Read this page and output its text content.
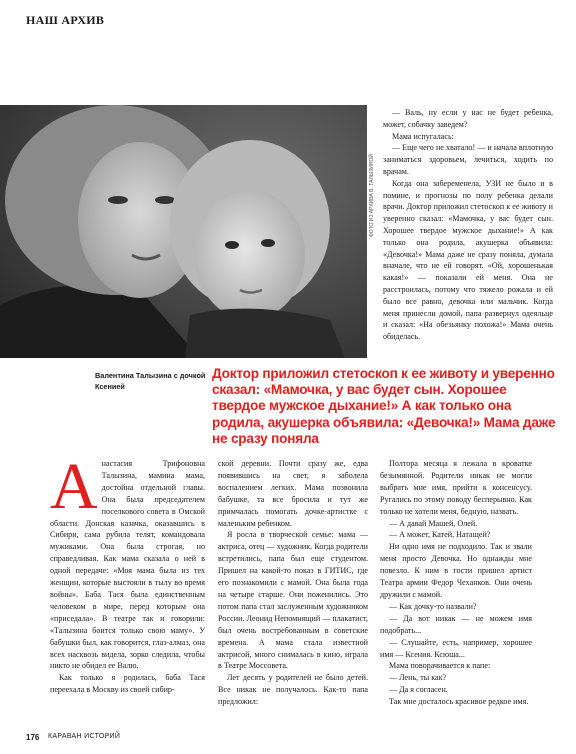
НАШ АРХИВ
ФОТО ИЗ АРХИВА В. ТАЛЫЗИНОЙ

— Валь, ну если у нас не будет ребенка, может, собачку заведем?

Мама испугалась:

— Еще чего не хватало! — и начала вплотную заниматься здоровьем, лечиться, ходить по врачам.

Когда она забеременела, УЗИ не было и в помине, и прогнозы по полу ребенка делали врачи. Доктор приложил стетоскоп к ее животу и уверенно сказал: «Мамочка, у вас будет сын. Хорошее твердое мужское дыхание!» А как только она родила, акушерка объявила: «Девочка!» Мама даже не сразу поняла, думала вначале, что не ей говорят. «Ой, хорошенькая какая!» — показали ей меня. Она не расстроилась, потому что тяжело рожала и ей было все равно, девочка или мальчик. Когда меня принесли домой, папа развернул одеяльце и сказал: «На обезьянку похожа!» Мама очень обиделась.

Валентина Талызина с дочкой Ксенией
Доктор приложил стетоскоп к ее животу и уверенно сказал: «Мамочка, у вас будет сын. Хорошее твердое мужское дыхание!» А как только она родила, акушерка объявила: «Девочка!» Мама даже не сразу поняла

Анастасия Трифоновна Талызина, мамина мама, достойна отдельной главы. Она была председателем поселкового совета в Омской области. Донская казачка, оказавшись в Сибири, сама рубила телят, командовала мужиками. Она была строгая, но справедливая. Как мама сказала о ней в одной передаче: «Моя мама была из тех женщин, которые выстояли в тылу во время войны». Баба Тася была единственным человеком в мире, перед которым она «приседала». В театре так и говорили: «Талызина боится только свою маму». У бабушки был, как говорится, глаз-алмаз, она всех насквозь видела, зорко следила, чтобы никто не обидел ее Валю.

Как только я родилась, баба Тася переехала в Москву из своей сибир-

ской деревни. Почти сразу же, едва появившись на свет, я заболела воспалением легких. Мама позвонила бабушке, та все бросила и тут же примчалась помогать дочке-артистке с маленьким ребенком.

Я росла в творческой семье: мама — актриса, отец — художник. Когда родители встретились, папа был еще студентом. Пришел на какой-то показ в ГИТИС, где его познакомили с мамой. Она была года на четыре старше. Они поженились. Это потом папа стал заслуженным художником России. Леонид Непомнящий — плакатист, был очень востребованным в советские времена. А мама стала известной актрисой, много снималась в кино, играла в Театре Моссовета.

Лет десять у родителей не было детей. Все никак не получалось. Как-то папа предложил:

Полтора месяца я лежала в кроватке безымянной. Родители никак не могли выбрать мне имя, прийти к консенсусу. Ругались по этому поводу бесперывно. Как только не хотели меня, бедную, назвать.

— А давай Машей, Олей.

— А может, Катей, Натащей?

Ни одно имя не подходило. Так и звали меня просто Девочка. Но однажды мне повезло. К ним в гости пришел артист Театра армии Федор Чеханков. Они очень дружили с мамой.

— Как дочку-то назвали?

— Да вот никак — не можем имя подобрать...

— Слушайте, есть, например, хорошее имя — Ксения. Ксюша...

Мама поворачивается к папе:

— Лень, ты как?

— Да я согласен.

Так мне досталось красивое редкое имя.

176 КАРАВАН ИСТОРИЙ
